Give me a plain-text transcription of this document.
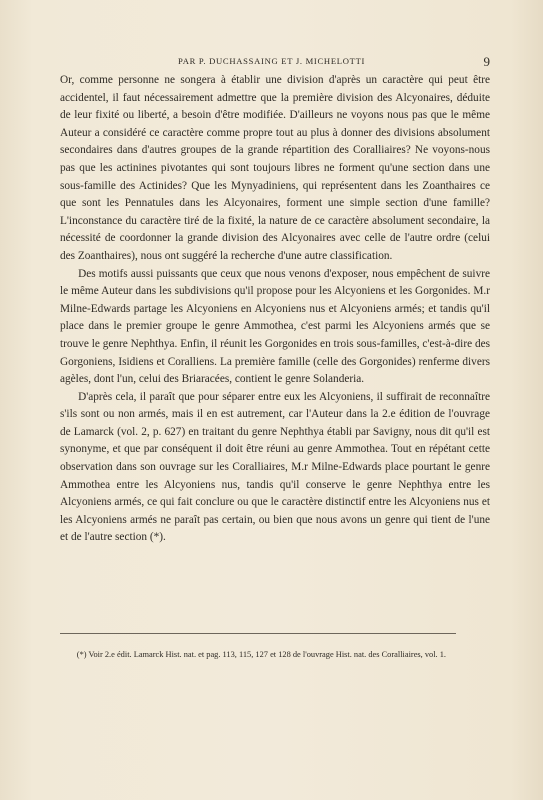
PAR P. DUCHASSAING ET J. MICHELOTTI	9

Or, comme personne ne songera à établir une division d'après un caractère qui peut être accidentel, il faut nécessairement admettre que la première division des Alcyonaires, déduite de leur fixité ou liberté, a besoin d'être modifiée. D'ailleurs ne voyons nous pas que le même Auteur a considéré ce caractère comme propre tout au plus à donner des divisions absolument secondaires dans d'autres groupes de la grande répartition des Coralliaires? Ne voyons-nous pas que les actinines pivotantes qui sont toujours libres ne forment qu'une section dans une sous-famille des Actinides? Que les Mynyadiniens, qui représentent dans les Zoanthaires ce que sont les Pennatules dans les Alcyonaires, forment une simple section d'une famille? L'inconstance du caractère tiré de la fixité, la nature de ce caractère absolument secondaire, la nécessité de coordonner la grande division des Alcyonaires avec celle de l'autre ordre (celui des Zoanthaires), nous ont suggéré la recherche d'une autre classification.

Des motifs aussi puissants que ceux que nous venons d'exposer, nous empêchent de suivre le même Auteur dans les subdivisions qu'il propose pour les Alcyoniens et les Gorgonides. M.r Milne-Edwards partage les Alcyoniens en Alcyoniens nus et Alcyoniens armés; et tandis qu'il place dans le premier groupe le genre Ammothea, c'est parmi les Alcyoniens armés que se trouve le genre Nephthya. Enfin, il réunit les Gorgonides en trois sous-familles, c'est-à-dire des Gorgoniens, Isidiens et Coralliens. La première famille (celle des Gorgonides) renferme divers agèles, dont l'un, celui des Briaracées, contient le genre Solanderia.

D'après cela, il paraît que pour séparer entre eux les Alcyoniens, il suffirait de reconnaître s'ils sont ou non armés, mais il en est autrement, car l'Auteur dans la 2.e édition de l'ouvrage de Lamarck (vol. 2, p. 627) en traitant du genre Nephthya établi par Savigny, nous dit qu'il est synonyme, et que par conséquent il doit être réuni au genre Ammothea. Tout en répétant cette observation dans son ouvrage sur les Coralliaires, M.r Milne-Edwards place pourtant le genre Ammothea entre les Alcyoniens nus, tandis qu'il conserve le genre Nephthya entre les Alcyoniens armés, ce qui fait conclure ou que le caractère distinctif entre les Alcyoniens nus et les Alcyoniens armés ne paraît pas certain, ou bien que nous avons un genre qui tient de l'une et de l'autre section (*).

(*) Voir 2.e édit. Lamarck Hist. nat. et pag. 113, 115, 127 et 128 de l'ouvrage Hist. nat. des Coralliaires, vol. 1.
